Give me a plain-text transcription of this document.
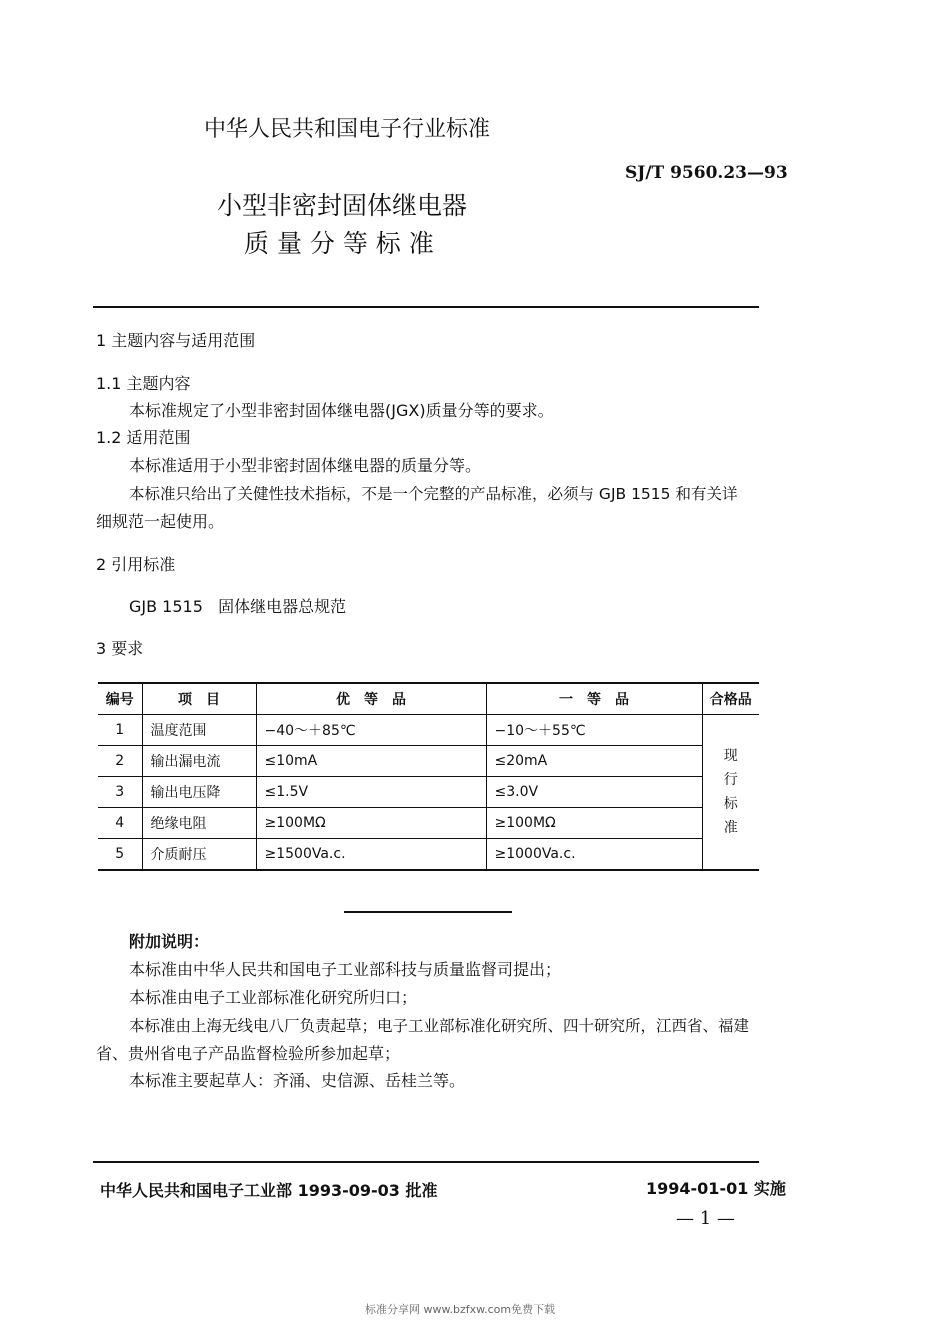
中华人民共和国电子行业标准
SJ/T 9560.23—93
小型非密封固体继电器
质 量 分 等 标 准
1 主题内容与适用范围
1.1 主题内容
本标准规定了小型非密封固体继电器(JGX)质量分等的要求。
1.2 适用范围
本标准适用于小型非密封固体继电器的质量分等。
本标准只给出了关健性技术指标，不是一个完整的产品标准，必须与 GJB 1515 和有关详
细规范一起使用。
2 引用标准
GJB 1515   固体继电器总规范
3 要求
编号	项　目	优　等　品	一　等　品	合格品
1	温度范围	−40～＋85℃	−10～＋55℃	现
行
标
准

2	输出漏电流	≤10mA	≤20mA	
3	输出电压降	≤1.5V	≤3.0V	
4	绝缘电阻	≥100MΩ	≥100MΩ	
5	介质耐压	≥1500Va.c.	≥1000Va.c.	
附加说明：
本标准由中华人民共和国电子工业部科技与质量监督司提出；
本标准由电子工业部标准化研究所归口；
本标准由上海无线电八厂负责起草；电子工业部标准化研究所、四十研究所，江西省、福建
省、贵州省电子产品监督检验所参加起草；
本标准主要起草人：齐涌、史信源、岳桂兰等。
中华人民共和国电子工业部 1993-09-03 批准	1994-01-01 实施
— 1 —
标准分享网 www.bzfxw.com免费下载
